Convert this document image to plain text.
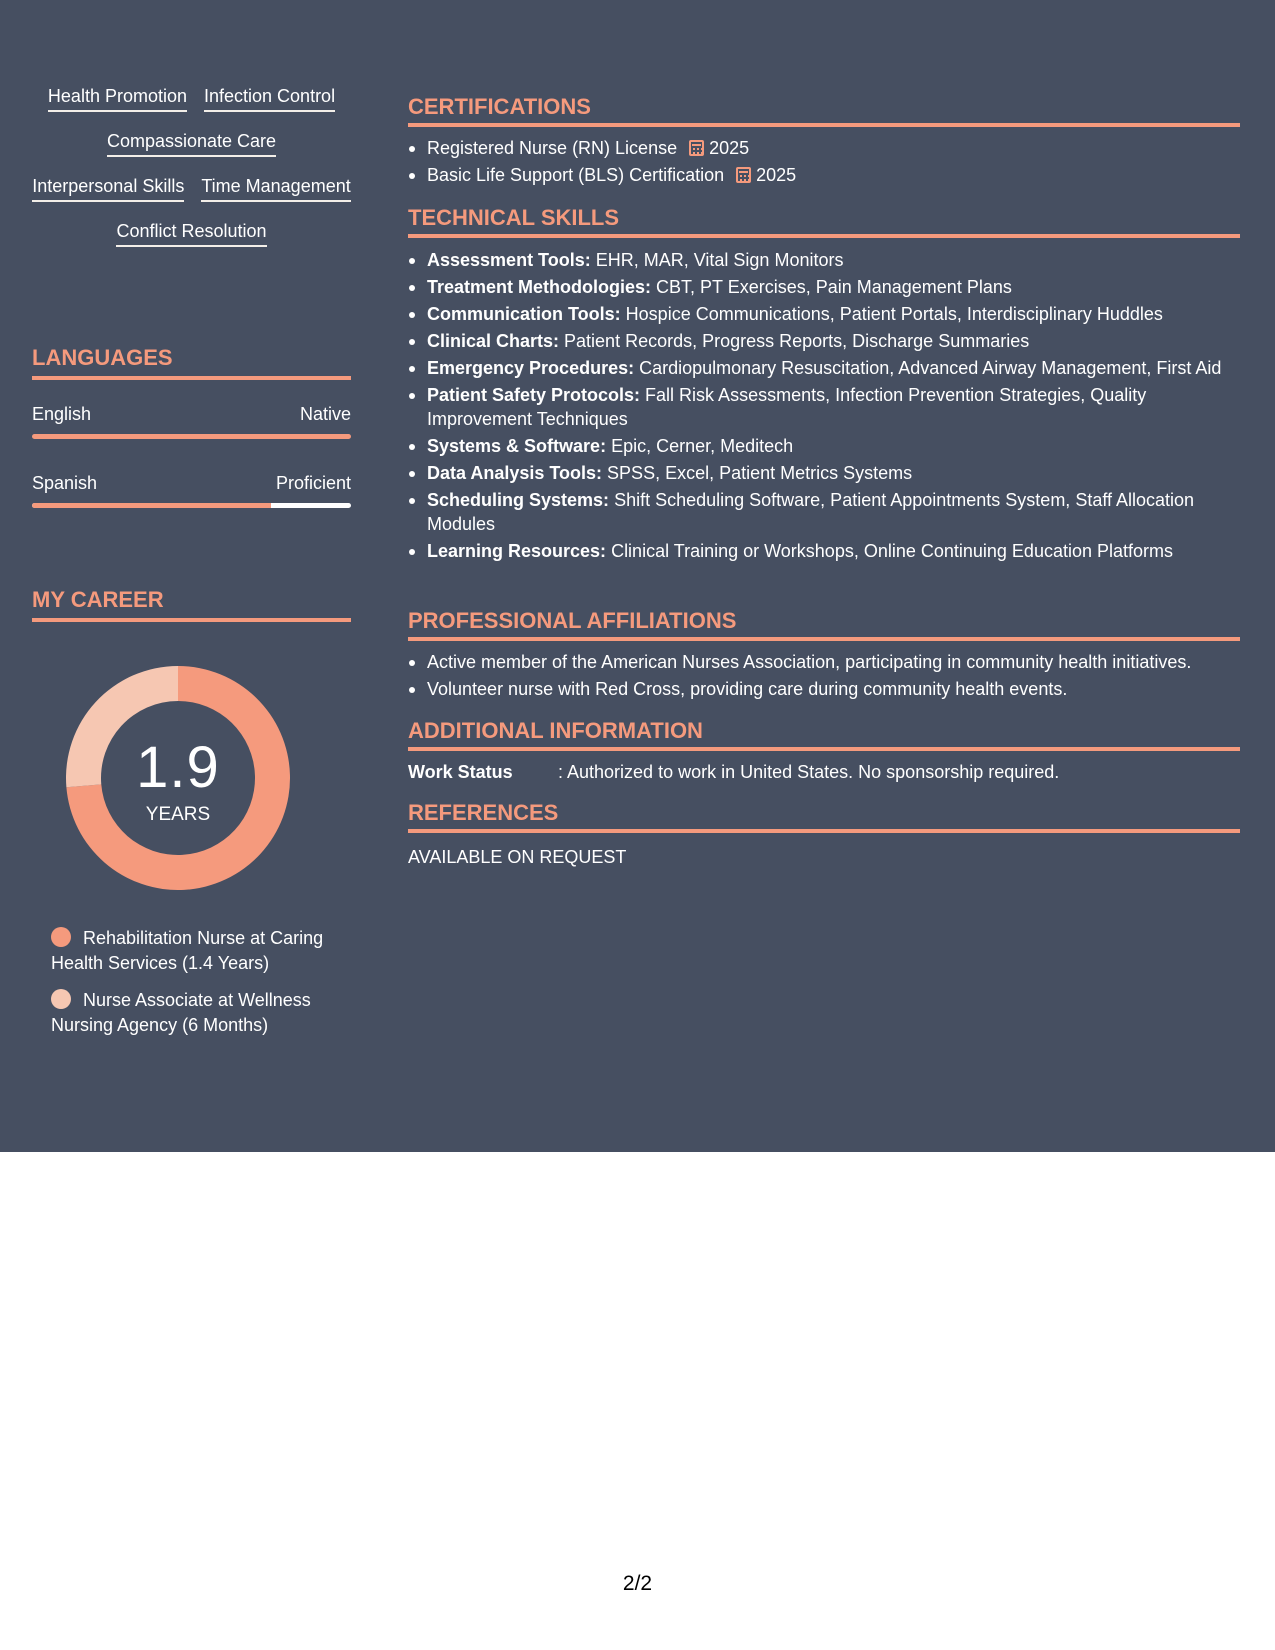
Health Promotion Infection Control
Compassionate Care
Interpersonal Skills Time Management
Conflict Resolution
LANGUAGES
English	Native
Spanish	Proficient
MY CAREER
1.9
YEARS
Rehabilitation Nurse at Caring Health Services (1.4 Years)
Nurse Associate at Wellness Nursing Agency (6 Months)
CERTIFICATIONS
Registered Nurse (RN) License 2025
Basic Life Support (BLS) Certification 2025
TECHNICAL SKILLS
Assessment Tools: EHR, MAR, Vital Sign Monitors
Treatment Methodologies: CBT, PT Exercises, Pain Management Plans
Communication Tools: Hospice Communications, Patient Portals, Interdisciplinary Huddles
Clinical Charts: Patient Records, Progress Reports, Discharge Summaries
Emergency Procedures: Cardiopulmonary Resuscitation, Advanced Airway Management, First Aid
Patient Safety Protocols: Fall Risk Assessments, Infection Prevention Strategies, Quality Improvement Techniques
Systems & Software: Epic, Cerner, Meditech
Data Analysis Tools: SPSS, Excel, Patient Metrics Systems
Scheduling Systems: Shift Scheduling Software, Patient Appointments System, Staff Allocation Modules
Learning Resources: Clinical Training or Workshops, Online Continuing Education Platforms
PROFESSIONAL AFFILIATIONS
Active member of the American Nurses Association, participating in community health initiatives.
Volunteer nurse with Red Cross, providing care during community health events.
ADDITIONAL INFORMATION
Work Status	: Authorized to work in United States. No sponsorship required.
REFERENCES
AVAILABLE ON REQUEST
2/2
